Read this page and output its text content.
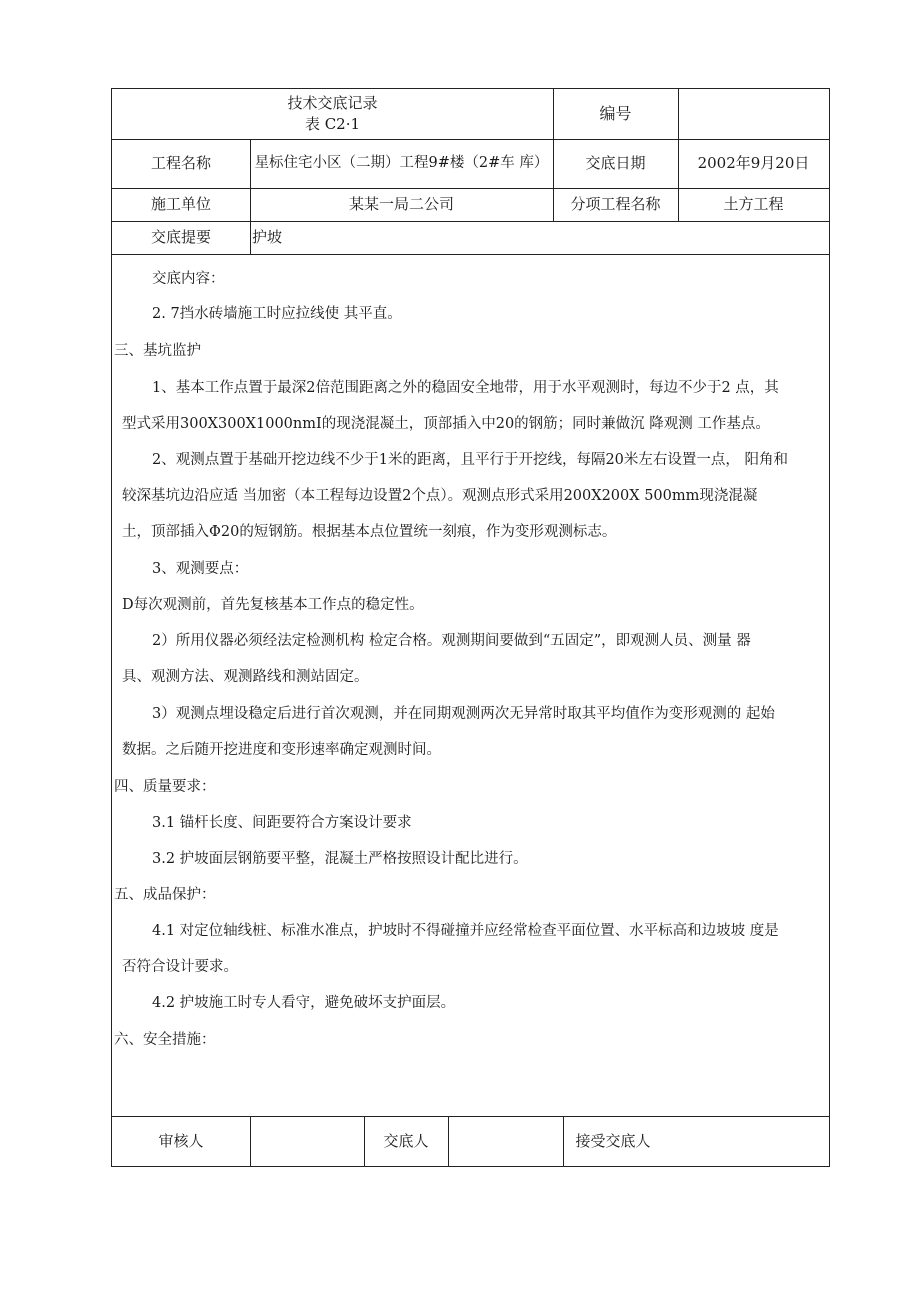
技术交底记录
表 C2·1
编号
工程名称	星标住宅小区（二期）工程9#楼（2#车 库）	交底日期	2002年9月20日
施工单位	某某一局二公司	分项工程名称	土方工程
交底提要	护坡
交底内容：
2. 7挡水砖墙施工时应拉线使 其平直。
三、基坑监护
1、基本工作点置于最深2倍范围距离之外的稳固安全地带，用于水平观测时，每边不少于2 点，其
型式采用300X300X1000nmI的现浇混凝土，顶部插入中20的钢筋；同时兼做沉 降观测 工作基点。
2、观测点置于基础开挖边线不少于1米的距离，且平行于开挖线，每隔20米左右设置一点， 阳角和
较深基坑边沿应适 当加密（本工程每边设置2个点）。观测点形式采用200X200X 500mm现浇混凝
土，顶部插入Φ20的短钢筋。根据基本点位置统一刻痕，作为变形观测标志。
3、观测要点：
D每次观测前，首先复核基本工作点的稳定性。
2）所用仪器必须经法定检测机构 检定合格。观测期间要做到“五固定”，即观测人员、测量 器
具、观测方法、观测路线和测站固定。
3）观测点埋设稳定后进行首次观测，并在同期观测两次无异常时取其平均值作为变形观测的 起始
数据。之后随开挖进度和变形速率确定观测时间。
四、质量要求：
3.1 锚杆长度、间距要符合方案设计要求
3.2 护坡面层钢筋要平整，混凝土严格按照设计配比进行。
五、成品保护：
4.1 对定位轴线桩、标准水准点，护坡时不得碰撞并应经常检查平面位置、水平标高和边坡坡 度是
否符合设计要求。
4.2 护坡施工时专人看守，避免破坏支护面层。
六、安全措施：
审核人	交底人	接受交底人
